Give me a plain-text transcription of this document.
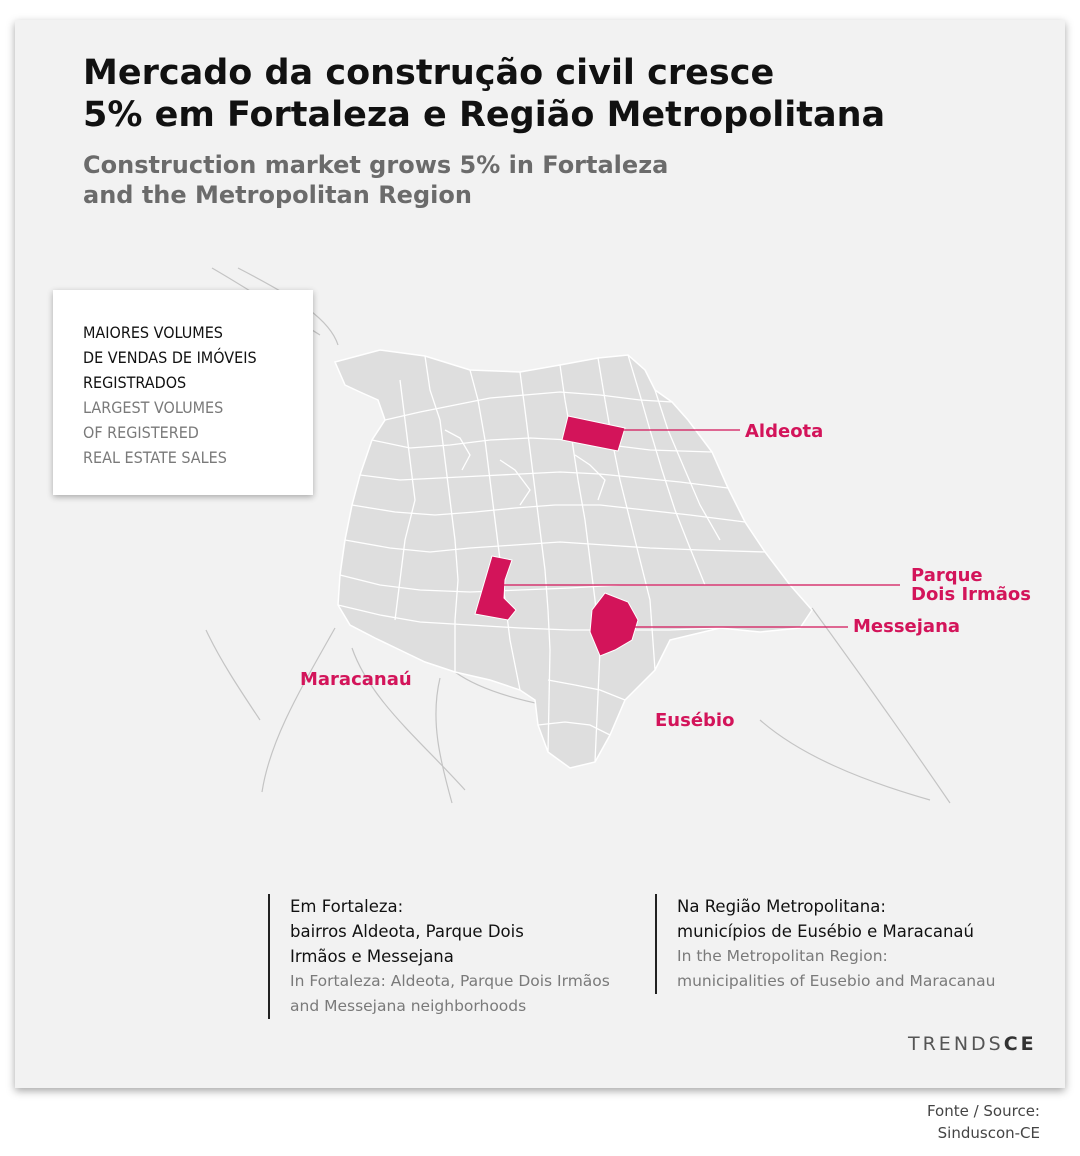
Mercado da construção civil cresce
5% em Fortaleza e Região Metropolitana
Construction market grows 5% in Fortaleza
and the Metropolitan Region
MAIORES VOLUMES
DE VENDAS DE IMÓVEIS
REGISTRADOS
LARGEST VOLUMES
OF REGISTERED
REAL ESTATE SALES
Aldeota
Parque
Dois Irmãos
Messejana
Maracanaú
Eusébio
Em Fortaleza:
bairros Aldeota, Parque Dois
Irmãos e Messejana
In Fortaleza: Aldeota, Parque Dois Irmãos
and Messejana neighborhoods
Na Região Metropolitana:
municípios de Eusébio e Maracanaú
In the Metropolitan Region:
municipalities of Eusebio and Maracanau
TRENDSCE
Fonte / Source:
Sinduscon-CE
